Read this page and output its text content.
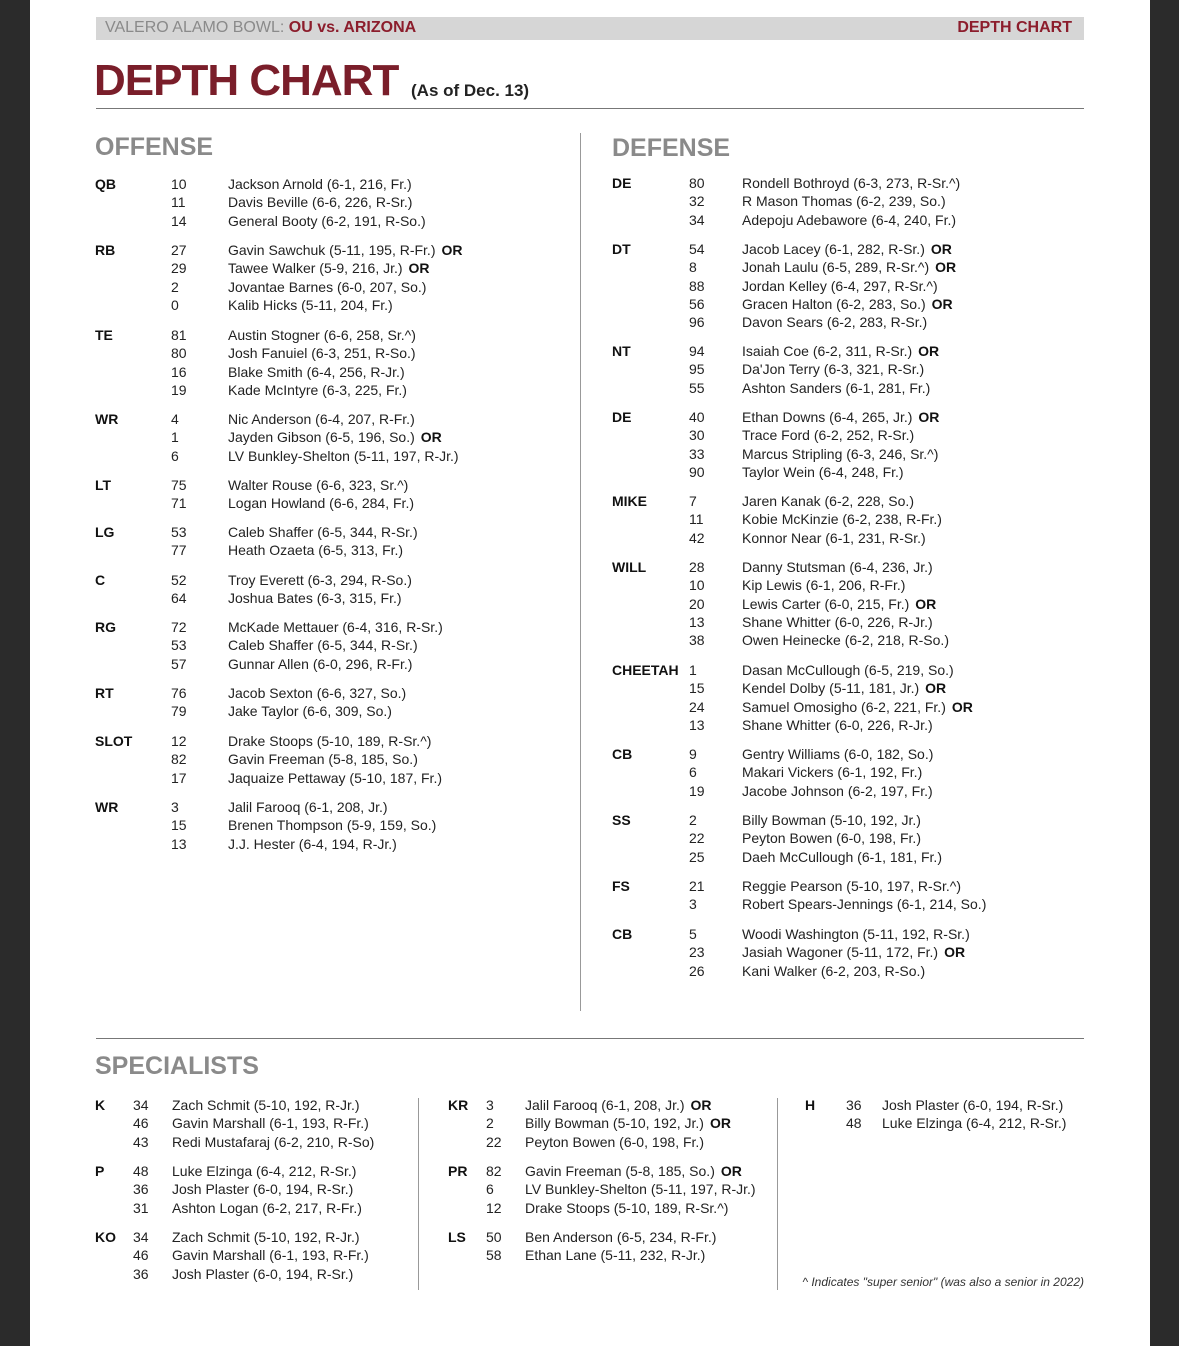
VALERO ALAMO BOWL: OU vs. ARIZONA	DEPTH CHART
DEPTH CHART (As of Dec. 13)
OFFENSE	DEFENSE
QB	10	Jackson Arnold (6-1, 216, Fr.)
11	Davis Beville (6-6, 226, R-Sr.)
14	General Booty (6-2, 191, R-So.)
RB	27	Gavin Sawchuk (5-11, 195, R-Fr.) OR
29	Tawee Walker (5-9, 216, Jr.) OR
2	Jovantae Barnes (6-0, 207, So.)
0	Kalib Hicks (5-11, 204, Fr.)
TE	81	Austin Stogner (6-6, 258, Sr.^)
80	Josh Fanuiel (6-3, 251, R-So.)
16	Blake Smith (6-4, 256, R-Jr.)
19	Kade McIntyre (6-3, 225, Fr.)
WR	4	Nic Anderson (6-4, 207, R-Fr.)
1	Jayden Gibson (6-5, 196, So.) OR
6	LV Bunkley-Shelton (5-11, 197, R-Jr.)
LT	75	Walter Rouse (6-6, 323, Sr.^)
71	Logan Howland (6-6, 284, Fr.)
LG	53	Caleb Shaffer (6-5, 344, R-Sr.)
77	Heath Ozaeta (6-5, 313, Fr.)
C	52	Troy Everett (6-3, 294, R-So.)
64	Joshua Bates (6-3, 315, Fr.)
RG	72	McKade Mettauer (6-4, 316, R-Sr.)
53	Caleb Shaffer (6-5, 344, R-Sr.)
57	Gunnar Allen (6-0, 296, R-Fr.)
RT	76	Jacob Sexton (6-6, 327, So.)
79	Jake Taylor (6-6, 309, So.)
SLOT	12	Drake Stoops (5-10, 189, R-Sr.^)
82	Gavin Freeman (5-8, 185, So.)
17	Jaquaize Pettaway (5-10, 187, Fr.)
WR	3	Jalil Farooq (6-1, 208, Jr.)
15	Brenen Thompson (5-9, 159, So.)
13	J.J. Hester (6-4, 194, R-Jr.)
DE	80	Rondell Bothroyd (6-3, 273, R-Sr.^)
32	R Mason Thomas (6-2, 239, So.)
34	Adepoju Adebawore (6-4, 240, Fr.)
DT	54	Jacob Lacey (6-1, 282, R-Sr.) OR
8	Jonah Laulu (6-5, 289, R-Sr.^) OR
88	Jordan Kelley (6-4, 297, R-Sr.^)
56	Gracen Halton (6-2, 283, So.) OR
96	Davon Sears (6-2, 283, R-Sr.)
NT	94	Isaiah Coe (6-2, 311, R-Sr.) OR
95	Da'Jon Terry (6-3, 321, R-Sr.)
55	Ashton Sanders (6-1, 281, Fr.)
DE	40	Ethan Downs (6-4, 265, Jr.) OR
30	Trace Ford (6-2, 252, R-Sr.)
33	Marcus Stripling (6-3, 246, Sr.^)
90	Taylor Wein (6-4, 248, Fr.)
MIKE	7	Jaren Kanak (6-2, 228, So.)
11	Kobie McKinzie (6-2, 238, R-Fr.)
42	Konnor Near (6-1, 231, R-Sr.)
WILL	28	Danny Stutsman (6-4, 236, Jr.)
10	Kip Lewis (6-1, 206, R-Fr.)
20	Lewis Carter (6-0, 215, Fr.) OR
13	Shane Whitter (6-0, 226, R-Jr.)
38	Owen Heinecke (6-2, 218, R-So.)
CHEETAH 1	Dasan McCullough (6-5, 219, So.)
15	Kendel Dolby (5-11, 181, Jr.) OR
24	Samuel Omosigho (6-2, 221, Fr.) OR
13	Shane Whitter (6-0, 226, R-Jr.)
CB	9	Gentry Williams (6-0, 182, So.)
6	Makari Vickers (6-1, 192, Fr.)
19	Jacobe Johnson (6-2, 197, Fr.)
SS	2	Billy Bowman (5-10, 192, Jr.)
22	Peyton Bowen (6-0, 198, Fr.)
25	Daeh McCullough (6-1, 181, Fr.)
FS	21	Reggie Pearson (5-10, 197, R-Sr.^)
3	Robert Spears-Jennings (6-1, 214, So.)
CB	5	Woodi Washington (5-11, 192, R-Sr.)
23	Jasiah Wagoner (5-11, 172, Fr.) OR
26	Kani Walker (6-2, 203, R-So.)
SPECIALISTS
K 34	Zach Schmit (5-10, 192, R-Jr.)
46	Gavin Marshall (6-1, 193, R-Fr.)
43	Redi Mustafaraj (6-2, 210, R-So)
P 48	Luke Elzinga (6-4, 212, R-Sr.)
36	Josh Plaster (6-0, 194, R-Sr.)
31	Ashton Logan (6-2, 217, R-Fr.)
KO 34	Zach Schmit (5-10, 192, R-Jr.)
46	Gavin Marshall (6-1, 193, R-Fr.)
36	Josh Plaster (6-0, 194, R-Sr.)
KR 3	Jalil Farooq (6-1, 208, Jr.) OR
2	Billy Bowman (5-10, 192, Jr.) OR
22	Peyton Bowen (6-0, 198, Fr.)
PR 82	Gavin Freeman (5-8, 185, So.) OR
6	LV Bunkley-Shelton (5-11, 197, R-Jr.)
12	Drake Stoops (5-10, 189, R-Sr.^)
LS 50	Ben Anderson (6-5, 234, R-Fr.)
58	Ethan Lane (5-11, 232, R-Jr.)
H 36	Josh Plaster (6-0, 194, R-Sr.)
48	Luke Elzinga (6-4, 212, R-Sr.)
^ Indicates "super senior" (was also a senior in 2022)
